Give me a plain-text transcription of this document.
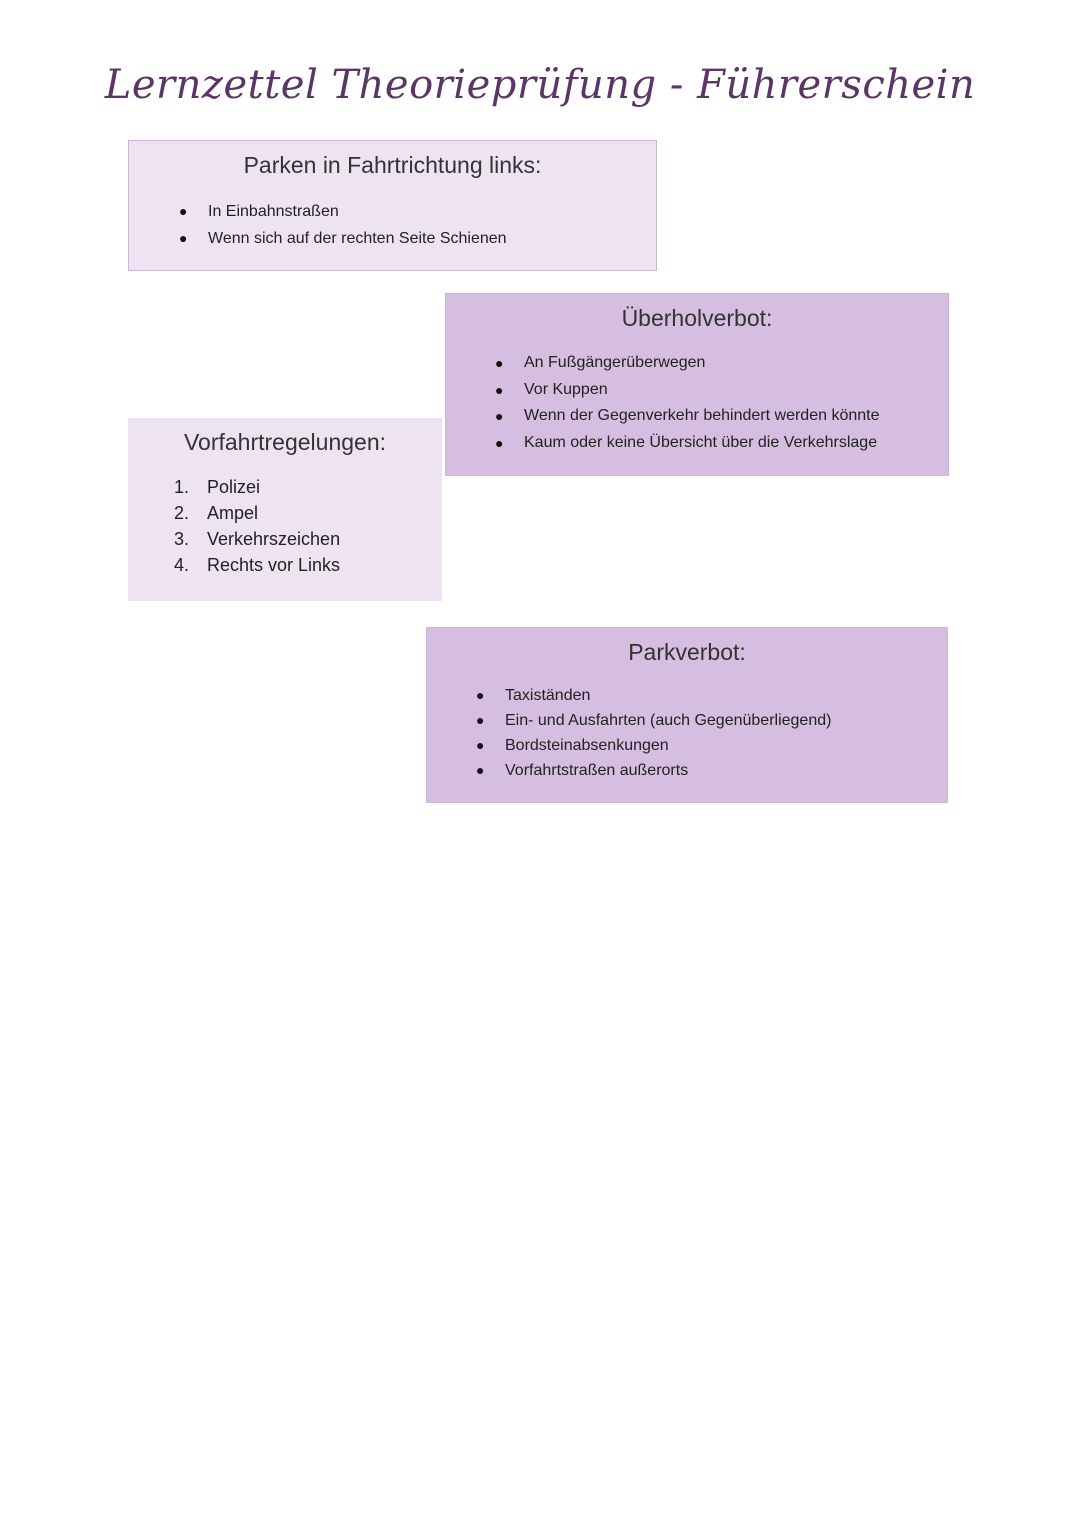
Lernzettel Theorieprüfung - Führerschein
Parken in Fahrtrichtung links:
● In Einbahnstraßen
● Wenn sich auf der rechten Seite Schienen
Überholverbot:
● An Fußgängerüberwegen
● Vor Kuppen
● Wenn der Gegenverkehr behindert werden könnte
● Kaum oder keine Übersicht über die Verkehrslage
Vorfahrtregelungen:
1. Polizei
2. Ampel
3. Verkehrszeichen
4. Rechts vor Links
Parkverbot:
● Taxiständen
● Ein- und Ausfahrten (auch Gegenüberliegend)
● Bordsteinabsenkungen
● Vorfahrtstraßen außerorts
